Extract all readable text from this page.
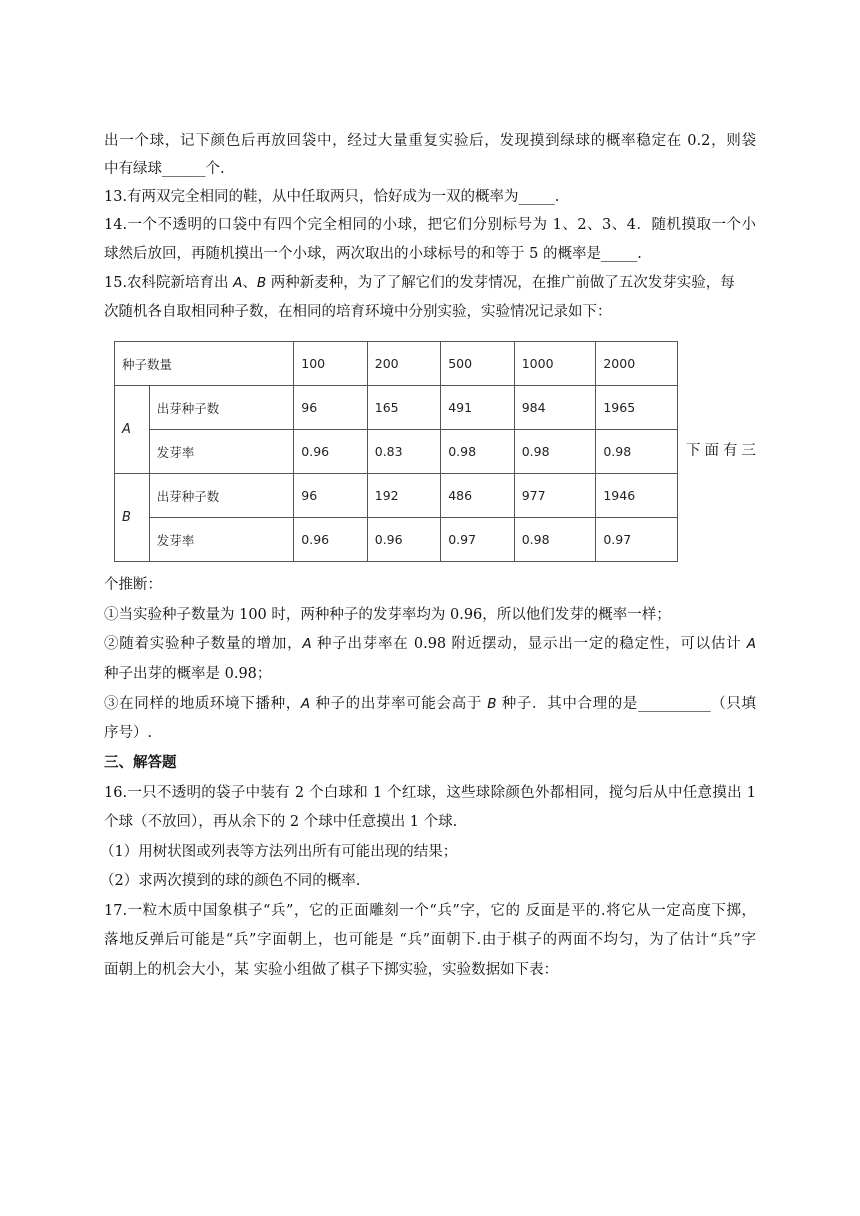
出一个球，记下颜色后再放回袋中，经过大量重复实验后，发现摸到绿球的概率稳定在 0.2，则袋
中有绿球______个.
13.有两双完全相同的鞋，从中任取两只，恰好成为一双的概率为_____.
14.一个不透明的口袋中有四个完全相同的小球，把它们分别标号为 1、2、3、4．随机摸取一个小
球然后放回，再随机摸出一个小球，两次取出的小球标号的和等于 5 的概率是_____.
15.农科院新培育出 A、B 两种新麦种，为了了解它们的发芽情况，在推广前做了五次发芽实验，每
次随机各自取相同种子数，在相同的培育环境中分别实验，实验情况记录如下：
种子数量		100	200	500	1000	2000
A	出芽种子数	96	165	491	984	1965
	发芽率	0.96	0.83	0.98	0.98	0.98
B	出芽种子数	96	192	486	977	1946
	发芽率	0.96	0.96	0.97	0.98	0.97
下面有三
个推断：
①当实验种子数量为 100 时，两种种子的发芽率均为 0.96，所以他们发芽的概率一样；
②随着实验种子数量的增加，A 种子出芽率在 0.98 附近摆动，显示出一定的稳定性，可以估计 A
种子出芽的概率是 0.98；
③在同样的地质环境下播种，A 种子的出芽率可能会高于 B 种子．其中合理的是__________（只填
序号）.
三、解答题
16.一只不透明的袋子中装有 2 个白球和 1 个红球，这些球除颜色外都相同，搅匀后从中任意摸出 1
个球（不放回），再从余下的 2 个球中任意摸出 1 个球.
（1）用树状图或列表等方法列出所有可能出现的结果；
（2）求两次摸到的球的颜色不同的概率.
17.一粒木质中国象棋子“兵”，它的正面雕刻一个“兵”字，它的 反面是平的.将它从一定高度下掷，
落地反弹后可能是“兵”字面朝上，也可能是 “兵”面朝下.由于棋子的两面不均匀，为了估计“兵”字
面朝上的机会大小，某 实验小组做了棋子下掷实验，实验数据如下表：
